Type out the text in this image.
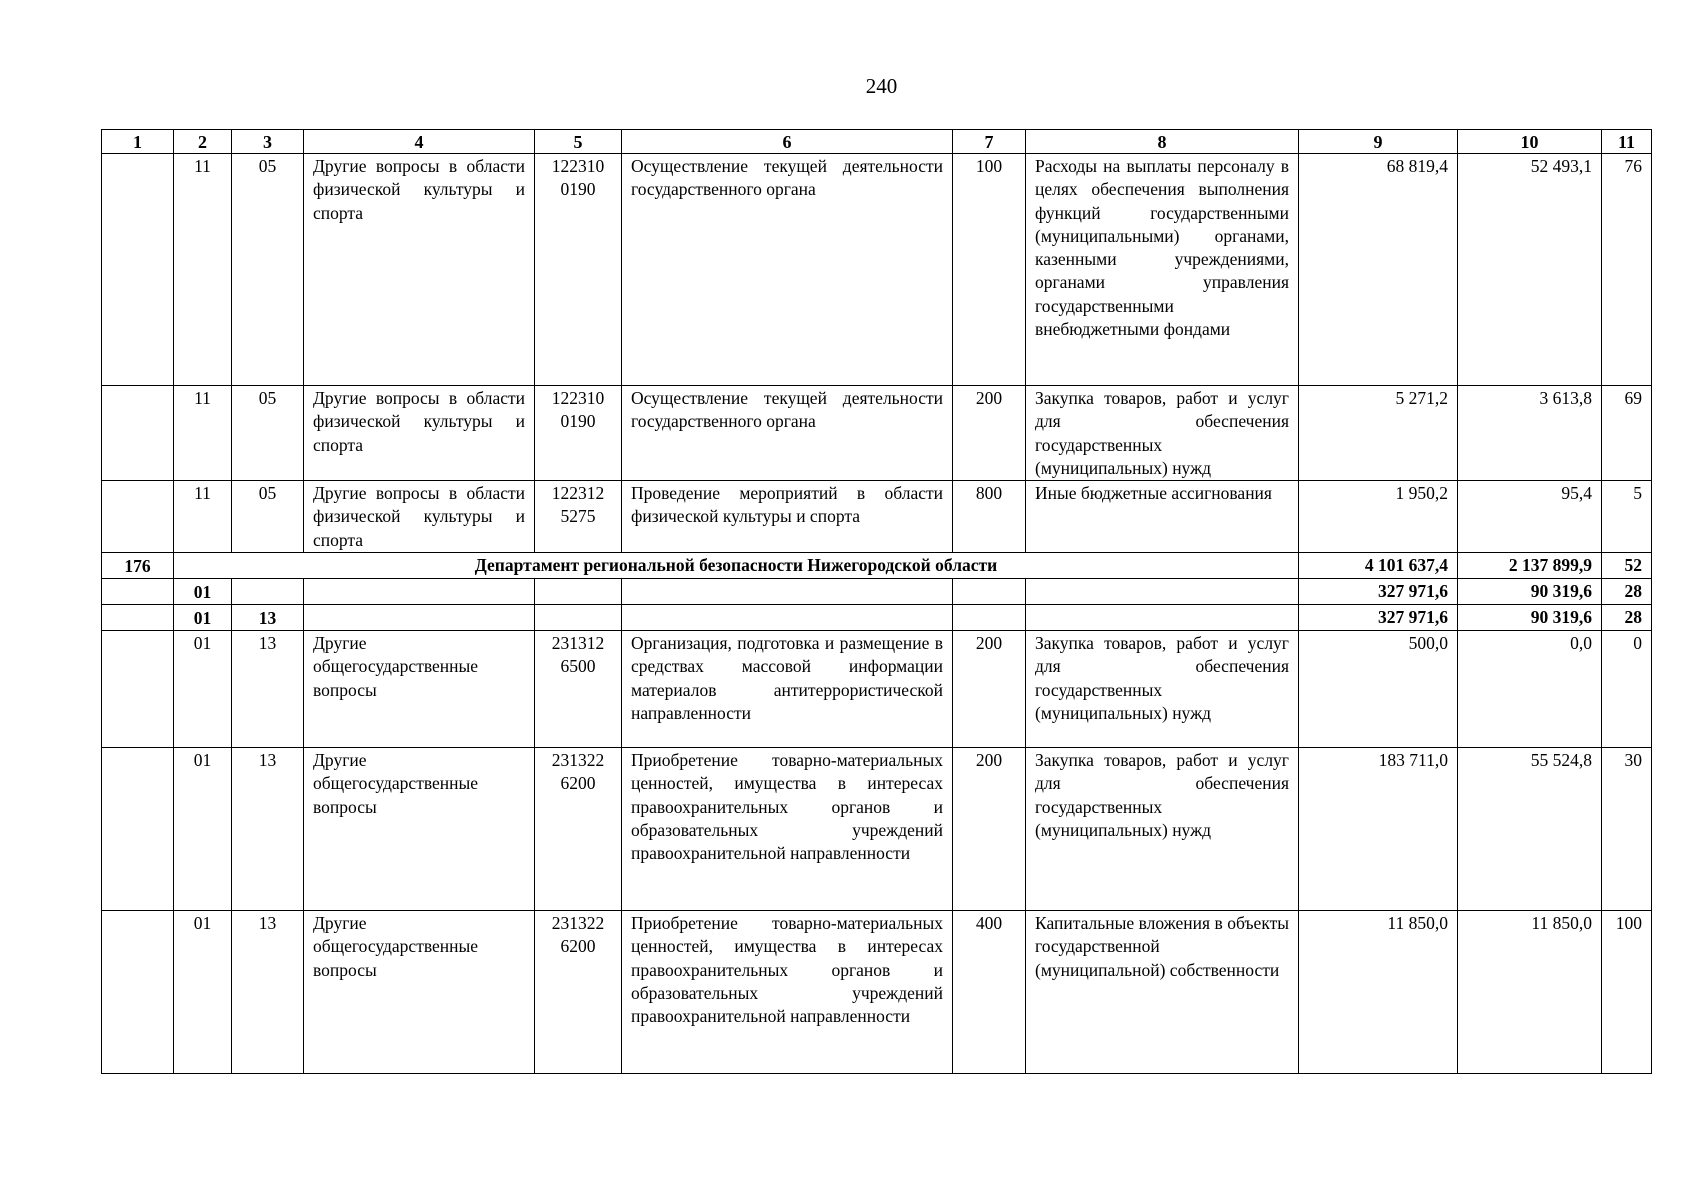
240
1	2	3	4	5	6	7	8	9	10	11
	11	05	Другие вопросы в области физической культуры и спорта	122310 0190	Осуществление текущей деятельности государственного органа	100	Расходы на выплаты персоналу в целях обеспечения выполнения функций государственными (муниципальными) органами, казенными учреждениями, органами управления государственными внебюджетными фондами	68 819,4	52 493,1	76
	11	05	Другие вопросы в области физической культуры и спорта	122310 0190	Осуществление текущей деятельности государственного органа	200	Закупка товаров, работ и услуг для обеспечения государственных (муниципальных) нужд	5 271,2	3 613,8	69
	11	05	Другие вопросы в области физической культуры и спорта	122312 5275	Проведение мероприятий в области физической культуры и спорта	800	Иные бюджетные ассигнования	1 950,2	95,4	5
176	Департамент региональной безопасности Нижегородской области							4 101 637,4	2 137 899,9	52
	01							327 971,6	90 319,6	28
	01	13						327 971,6	90 319,6	28
	01	13	Другие общегосударственные вопросы	231312 6500	Организация, подготовка и размещение в средствах массовой информации материалов антитеррористической направленности	200	Закупка товаров, работ и услуг для обеспечения государственных (муниципальных) нужд	500,0	0,0	0
	01	13	Другие общегосударственные вопросы	231322 6200	Приобретение товарно-материальных ценностей, имущества в интересах правоохранительных органов и образовательных учреждений правоохранительной направленности	200	Закупка товаров, работ и услуг для обеспечения государственных (муниципальных) нужд	183 711,0	55 524,8	30
	01	13	Другие общегосударственные вопросы	231322 6200	Приобретение товарно-материальных ценностей, имущества в интересах правоохранительных органов и образовательных учреждений правоохранительной направленности	400	Капитальные вложения в объекты государственной (муниципальной) собственности	11 850,0	11 850,0	100
